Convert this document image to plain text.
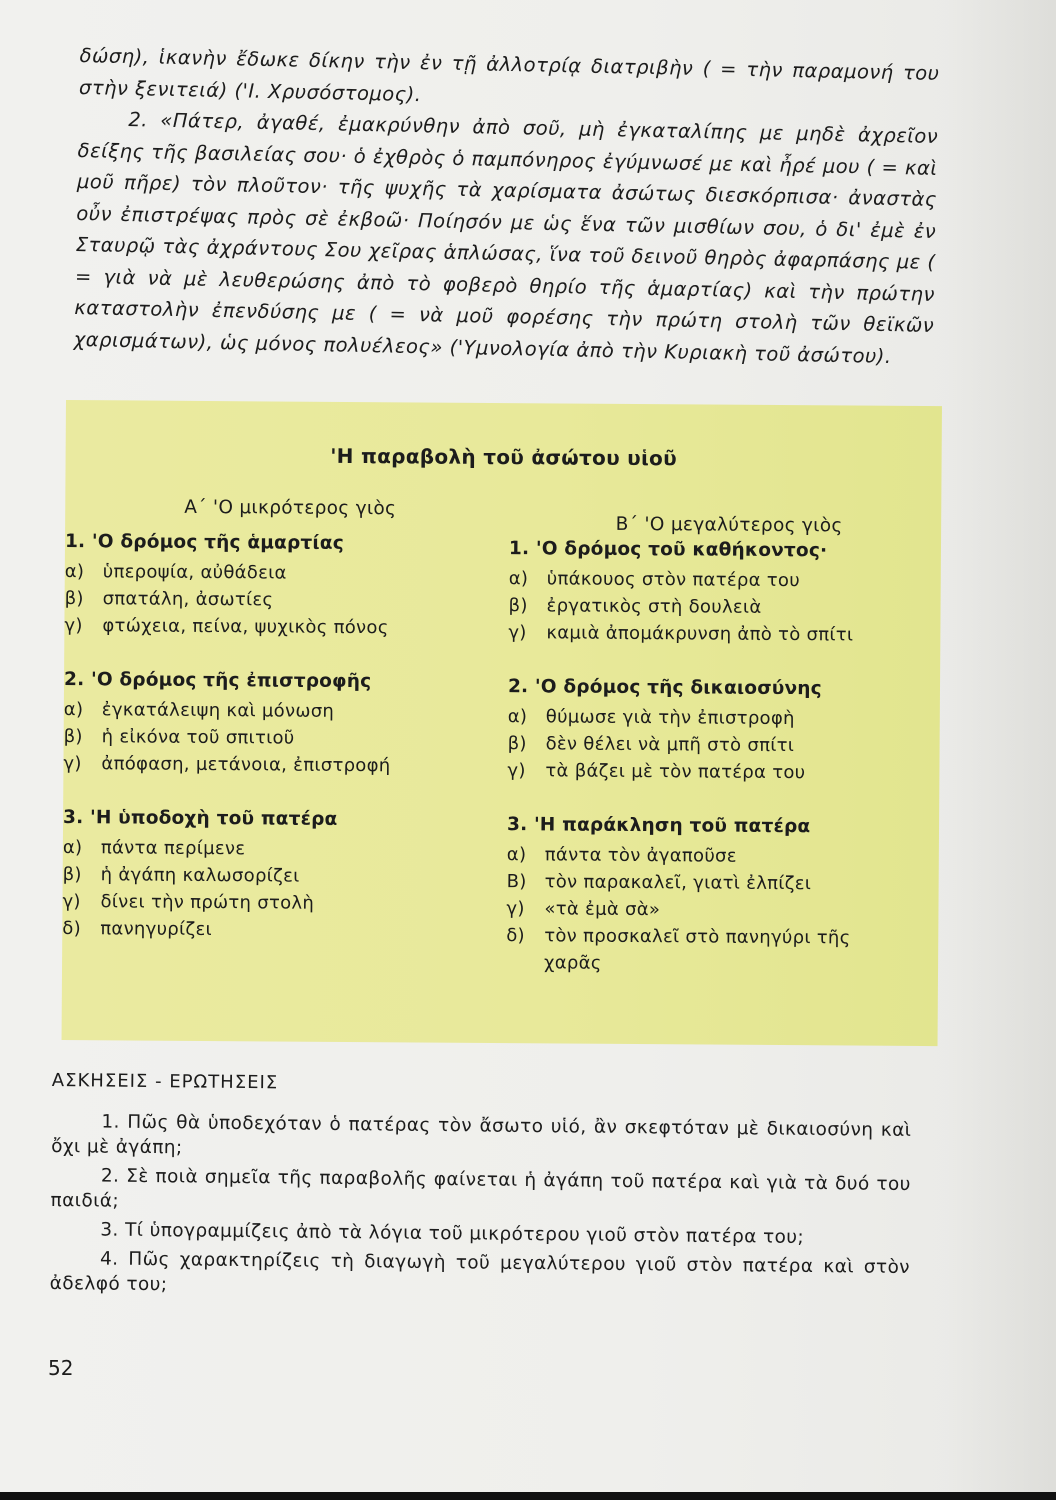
δώση), ἱκανὴν ἔδωκε δίκην τὴν ἐν τῇ ἀλλοτρίᾳ διατριβὴν ( = τὴν παραμονή του στὴν ξενιτειά) ('Ι. Χρυσόστομος).

2. «Πάτερ, ἀγαθέ, ἐμακρύνθην ἀπὸ σοῦ, μὴ ἐγκαταλίπης με μηδὲ ἀχρεῖον δείξης τῆς βασιλείας σου· ὁ ἐχθρὸς ὁ παμπόνηρος ἐγύμνωσέ με καὶ ἦρέ μου ( = καὶ μοῦ πῆρε) τὸν πλοῦτον· τῆς ψυχῆς τὰ χαρίσματα ἀσώτως διεσκόρπισα· ἀναστὰς οὖν ἐπιστρέψας πρὸς σὲ ἐκβοῶ· Ποίησόν με ὡς ἕνα τῶν μισθίων σου, ὁ δι' ἐμὲ ἐν Σταυρῷ τὰς ἀχράντους Σου χεῖρας ἁπλώσας, ἵνα τοῦ δεινοῦ θηρὸς ἀφαρπάσης με ( = γιὰ νὰ μὲ λευθερώσης ἀπὸ τὸ φοβερὸ θηρίο τῆς ἁμαρτίας) καὶ τὴν πρώτην καταστολὴν ἐπενδύσης με ( = νὰ μοῦ φορέσης τὴν πρώτη στολὴ τῶν θεϊκῶν χαρισμάτων), ὡς μόνος πολυέλεος» ('Υμνολογία ἀπὸ τὴν Κυριακὴ τοῦ ἀσώτου).

'Η παραβολὴ τοῦ ἀσώτου υἱοῦ
Α΄ 'Ο μικρότερος γιὸς
1. 'Ο δρόμος τῆς ἁμαρτίας
α)	ὑπεροψία, αὐθάδεια
β)	σπατάλη, ἀσωτίες
γ)	φτώχεια, πείνα, ψυχικὸς πόνος
2. 'Ο δρόμος τῆς ἐπιστροφῆς
α)	ἐγκατάλειψη καὶ μόνωση
β)	ἡ εἰκόνα τοῦ σπιτιοῦ
γ)	ἀπόφαση, μετάνοια, ἐπιστροφή
3. 'Η ὑποδοχὴ τοῦ πατέρα
α)	πάντα περίμενε
β)	ἡ ἀγάπη καλωσορίζει
γ)	δίνει τὴν πρώτη στολὴ
δ)	πανηγυρίζει
Β΄ 'Ο μεγαλύτερος γιὸς
1. 'Ο δρόμος τοῦ καθήκοντος·
α)	ὑπάκουος στὸν πατέρα του
β)	ἐργατικὸς στὴ δουλειὰ
γ)	καμιὰ ἀπομάκρυνση ἀπὸ τὸ σπίτι
2. 'Ο δρόμος τῆς δικαιοσύνης
α)	θύμωσε γιὰ τὴν ἐπιστροφὴ
β)	δὲν θέλει νὰ μπῆ στὸ σπίτι
γ)	τὰ βάζει μὲ τὸν πατέρα του
3. 'Η παράκληση τοῦ πατέρα
α)	πάντα τὸν ἀγαποῦσε
Β) τὸν παρακαλεῖ, γιατὶ ἐλπίζει
γ)	«τὰ ἐμὰ σὰ»
δ)	τὸν προσκαλεῖ στὸ πανηγύρι τῆς χαρᾶς
ΑΣΚΗΣΕΙΣ - ΕΡΩΤΗΣΕΙΣ

1. Πῶς θὰ ὑποδεχόταν ὁ πατέρας τὸν ἄσωτο υἱό, ἂν σκεφτόταν μὲ δικαιοσύνη καὶ ὄχι μὲ ἀγάπη;

2. Σὲ ποιὰ σημεῖα τῆς παραβολῆς φαίνεται ἡ ἀγάπη τοῦ πατέρα καὶ γιὰ τὰ δυό του παιδιά;

3. Τί ὑπογραμμίζεις ἀπὸ τὰ λόγια τοῦ μικρότερου γιοῦ στὸν πατέρα του;

4. Πῶς χαρακτηρίζεις τὴ διαγωγὴ τοῦ μεγαλύτερου γιοῦ στὸν πατέρα καὶ στὸν ἀδελφό του;

52
